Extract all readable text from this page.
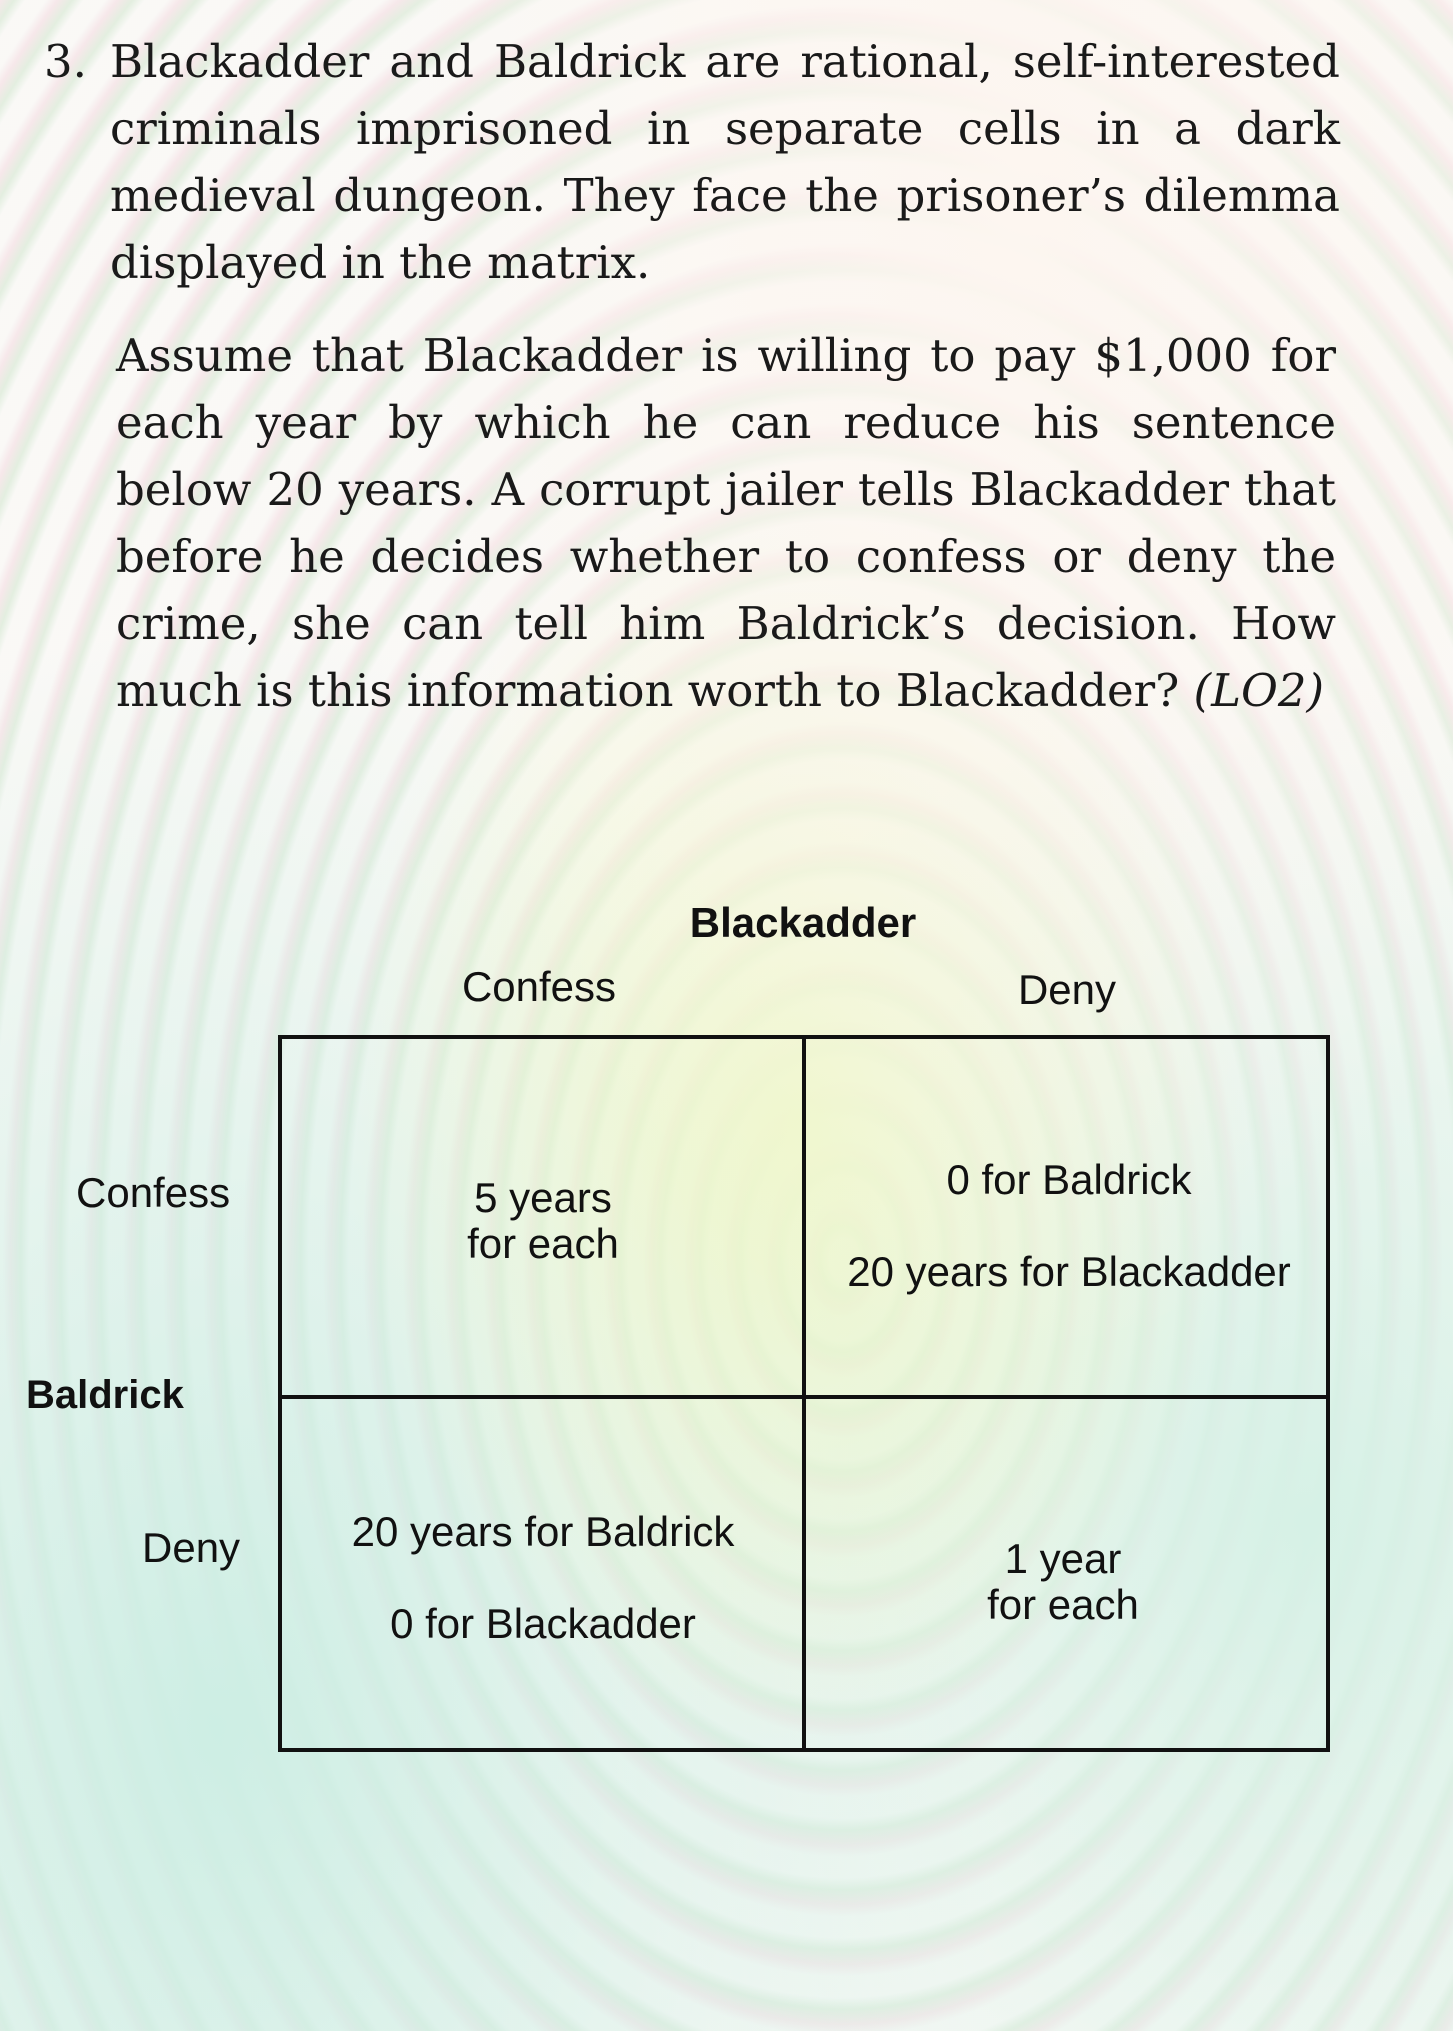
3. Blackadder and Baldrick are rational, self-interested criminals imprisoned in separate cells in a dark medieval dungeon. They face the prisoner’s dilemma displayed in the matrix.

Assume that Blackadder is willing to pay $1,000 for each year by which he can reduce his sentence below 20 years. A corrupt jailer tells Blackadder that before he decides whether to confess or deny the crime, she can tell him Baldrick’s decision. How much is this information worth to Blackadder? (LO2)

Blackadder
Confess	Deny
Confess
Baldrick
Deny
5 years
for each
0 for Baldrick
20 years for Blackadder
20 years for Baldrick
0 for Blackadder
1 year
for each
